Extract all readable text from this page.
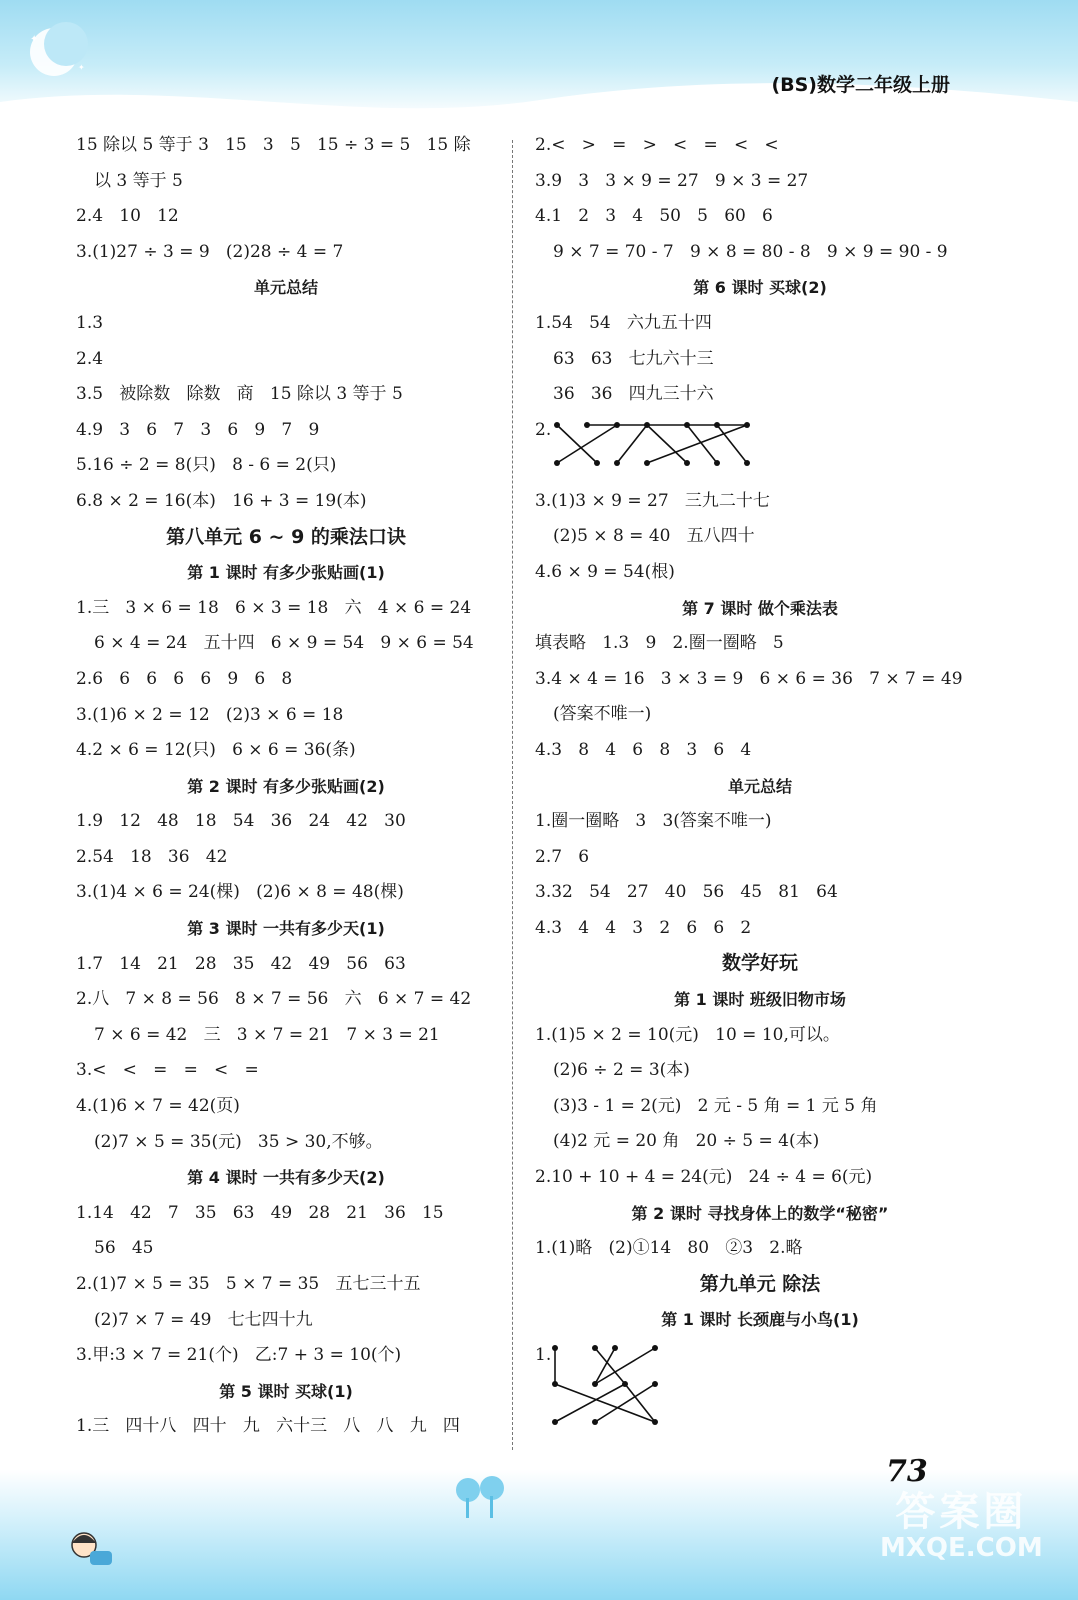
✦
✦
(BS)数学二年级上册
15 除以 5 等于 3   15   3   5   15 ÷ 3 = 5   15 除
以 3 等于 5
2.4   10   12
3.(1)27 ÷ 3 = 9   (2)28 ÷ 4 = 7
单元总结
1.3
2.4
3.5   被除数   除数   商   15 除以 3 等于 5
4.9   3   6   7   3   6   9   7   9
5.16 ÷ 2 = 8(只)   8 - 6 = 2(只)
6.8 × 2 = 16(本)   16 + 3 = 19(本)
第八单元 6 ~ 9 的乘法口诀
第 1 课时 有多少张贴画(1)
1.三   3 × 6 = 18   6 × 3 = 18   六   4 × 6 = 24
6 × 4 = 24   五十四   6 × 9 = 54   9 × 6 = 54
2.6   6   6   6   6   9   6   8
3.(1)6 × 2 = 12   (2)3 × 6 = 18
4.2 × 6 = 12(只)   6 × 6 = 36(条)
第 2 课时 有多少张贴画(2)
1.9   12   48   18   54   36   24   42   30
2.54   18   36   42
3.(1)4 × 6 = 24(棵)   (2)6 × 8 = 48(棵)
第 3 课时 一共有多少天(1)
1.7   14   21   28   35   42   49   56   63
2.八   7 × 8 = 56   8 × 7 = 56   六   6 × 7 = 42
7 × 6 = 42   三   3 × 7 = 21   7 × 3 = 21
3.<   <   =   =   <   =
4.(1)6 × 7 = 42(页)
(2)7 × 5 = 35(元)   35 > 30,不够。
第 4 课时 一共有多少天(2)
1.14   42   7   35   63   49   28   21   36   15
56   45
2.(1)7 × 5 = 35   5 × 7 = 35   五七三十五
(2)7 × 7 = 49   七七四十九
3.甲:3 × 7 = 21(个)   乙:7 + 3 = 10(个)
第 5 课时 买球(1)
1.三   四十八   四十   九   六十三   八   八   九   四
2.<   >   =   >   <   =   <   <
3.9   3   3 × 9 = 27   9 × 3 = 27
4.1   2   3   4   50   5   60   6
9 × 7 = 70 - 7   9 × 8 = 80 - 8   9 × 9 = 90 - 9
第 6 课时 买球(2)
1.54   54   六九五十四
63   63   七九六十三
36   36   四九三十六
2.
3.(1)3 × 9 = 27   三九二十七
(2)5 × 8 = 40   五八四十
4.6 × 9 = 54(根)
第 7 课时 做个乘法表
填表略   1.3   9   2.圈一圈略   5
3.4 × 4 = 16   3 × 3 = 9   6 × 6 = 36   7 × 7 = 49
(答案不唯一)
4.3   8   4   6   8   3   6   4
单元总结
1.圈一圈略   3   3(答案不唯一)
2.7   6
3.32   54   27   40   56   45   81   64
4.3   4   4   3   2   6   6   2
数学好玩
第 1 课时 班级旧物市场
1.(1)5 × 2 = 10(元)   10 = 10,可以。
(2)6 ÷ 2 = 3(本)
(3)3 - 1 = 2(元)   2 元 - 5 角 = 1 元 5 角
(4)2 元 = 20 角   20 ÷ 5 = 4(本)
2.10 + 10 + 4 = 24(元)   24 ÷ 4 = 6(元)
第 2 课时 寻找身体上的数学“秘密”
1.(1)略   (2)①14   80   ②3   2.略
第九单元 除法
第 1 课时 长颈鹿与小鸟(1)
1.
73
答案圈
MXQE.COM
